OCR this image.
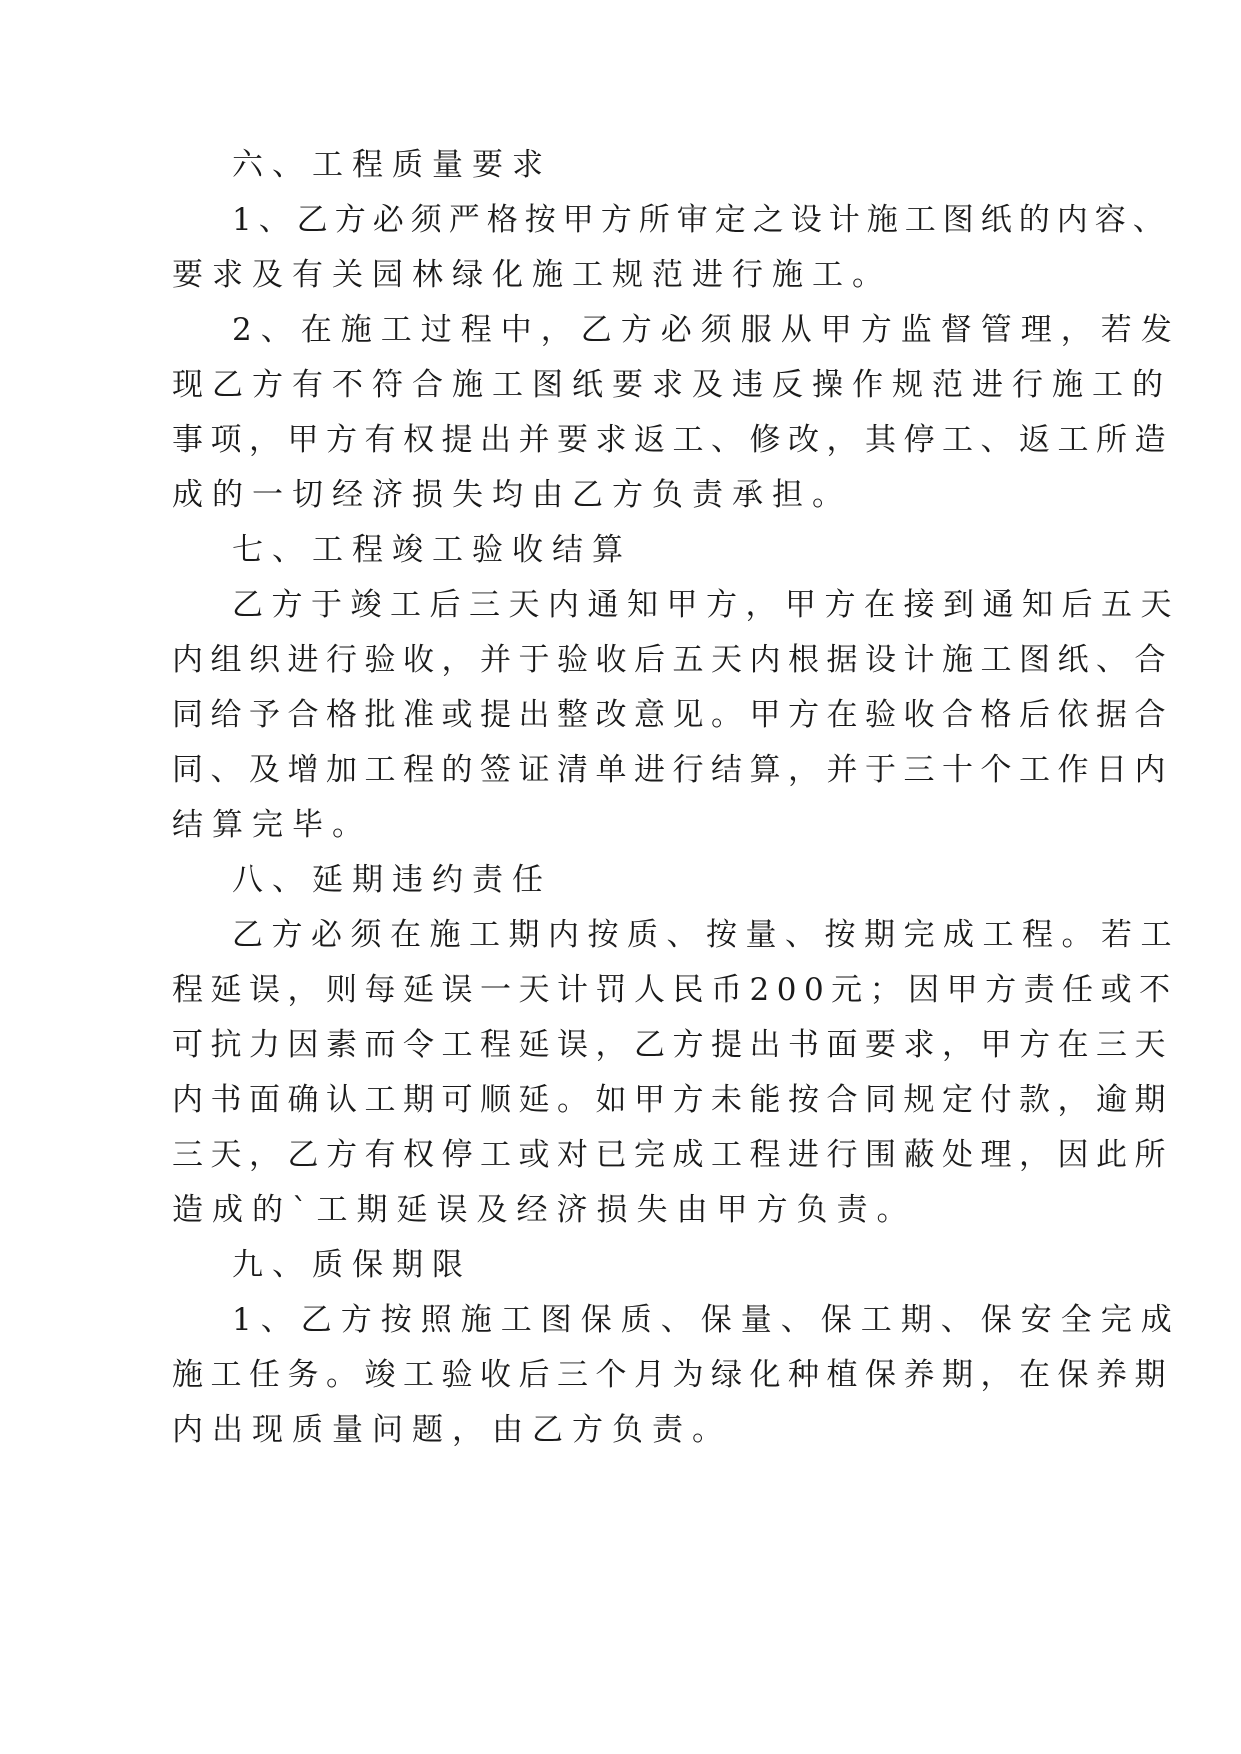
六、工程质量要求
1、乙方必须严格按甲方所审定之设计施工图纸的内容、
要求及有关园林绿化施工规范进行施工。
2、在施工过程中，乙方必须服从甲方监督管理，若发
现乙方有不符合施工图纸要求及违反操作规范进行施工的
事项，甲方有权提出并要求返工、修改，其停工、返工所造
成的一切经济损失均由乙方负责承担。
七、工程竣工验收结算
乙方于竣工后三天内通知甲方，甲方在接到通知后五天
内组织进行验收，并于验收后五天内根据设计施工图纸、合
同给予合格批准或提出整改意见。甲方在验收合格后依据合
同、及增加工程的签证清单进行结算，并于三十个工作日内
结算完毕。
八、延期违约责任
乙方必须在施工期内按质、按量、按期完成工程。若工
程延误，则每延误一天计罚人民币200元；因甲方责任或不
可抗力因素而令工程延误，乙方提出书面要求，甲方在三天
内书面确认工期可顺延。如甲方未能按合同规定付款，逾期
三天，乙方有权停工或对已完成工程进行围蔽处理，因此所
造成的`工期延误及经济损失由甲方负责。
九、质保期限
1、乙方按照施工图保质、保量、保工期、保安全完成
施工任务。竣工验收后三个月为绿化种植保养期，在保养期
内出现质量问题，由乙方负责。
